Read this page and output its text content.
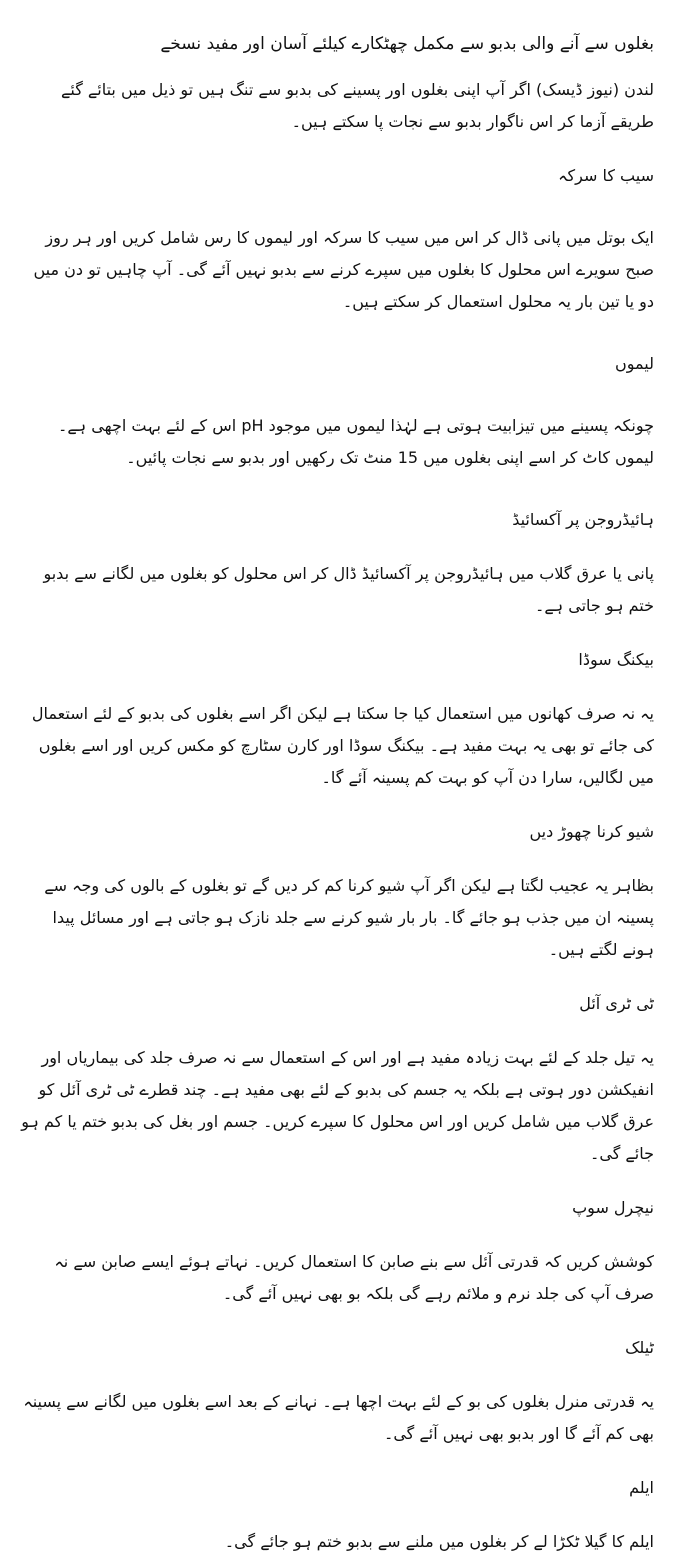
بغلوں سے آنے والی بدبو سے مکمل چھٹکارے کیلئے آسان اور مفید نسخے

لندن (نیوز ڈیسک) اگر آپ اپنی بغلوں اور پسینے کی بدبو سے تنگ ہیں تو ذیل میں بتائے گئے طریقے آزما کر اس ناگوار بدبو سے نجات پا سکتے ہیں۔

سیب کا سرکہ

ایک بوتل میں پانی ڈال کر اس میں سیب کا سرکہ اور لیموں کا رس شامل کریں اور ہر روز صبح سویرے اس محلول کا بغلوں میں سپرے کرنے سے بدبو نہیں آئے گی۔ آپ چاہیں تو دن میں دو یا تین بار یہ محلول استعمال کر سکتے ہیں۔

لیموں

چونکہ پسینے میں تیزابیت ہوتی ہے لہٰذا لیموں میں موجود pH اس کے لئے بہت اچھی ہے۔ لیموں کاٹ کر اسے اپنی بغلوں میں 15 منٹ تک رکھیں اور بدبو سے نجات پائیں۔

ہائیڈروجن پر آکسائیڈ

پانی یا عرق گلاب میں ہائیڈروجن پر آکسائیڈ ڈال کر اس محلول کو بغلوں میں لگانے سے بدبو ختم ہو جاتی ہے۔

بیکنگ سوڈا

یہ نہ صرف کھانوں میں استعمال کیا جا سکتا ہے لیکن اگر اسے بغلوں کی بدبو کے لئے استعمال کی جائے تو بھی یہ بہت مفید ہے۔ بیکنگ سوڈا اور کارن سٹارچ کو مکس کریں اور اسے بغلوں میں لگالیں، سارا دن آپ کو بہت کم پسینہ آئے گا۔

شیو کرنا چھوڑ دیں

بظاہر یہ عجیب لگتا ہے لیکن اگر آپ شیو کرنا کم کر دیں گے تو بغلوں کے بالوں کی وجہ سے پسینہ ان میں جذب ہو جائے گا۔ بار بار شیو کرنے سے جلد نازک ہو جاتی ہے اور مسائل پیدا ہونے لگتے ہیں۔

ٹی ٹری آئل

یہ تیل جلد کے لئے بہت زیادہ مفید ہے اور اس کے استعمال سے نہ صرف جلد کی بیماریاں اور انفیکشن دور ہوتی ہے بلکہ یہ جسم کی بدبو کے لئے بھی مفید ہے۔ چند قطرے ٹی ٹری آئل کو عرق گلاب میں شامل کریں اور اس محلول کا سپرے کریں۔ جسم اور بغل کی بدبو ختم یا کم ہو جائے گی۔

نیچرل سوپ

کوشش کریں کہ قدرتی آئل سے بنے صابن کا استعمال کریں۔ نہاتے ہوئے ایسے صابن سے نہ صرف آپ کی جلد نرم و ملائم رہے گی بلکہ بو بھی نہیں آئے گی۔

ٹیلک

یہ قدرتی منرل بغلوں کی بو کے لئے بہت اچھا ہے۔ نہانے کے بعد اسے بغلوں میں لگانے سے پسینہ بھی کم آئے گا اور بدبو بھی نہیں آئے گی۔

ایلم

ایلم کا گیلا ٹکڑا لے کر بغلوں میں ملنے سے بدبو ختم ہو جائے گی۔
